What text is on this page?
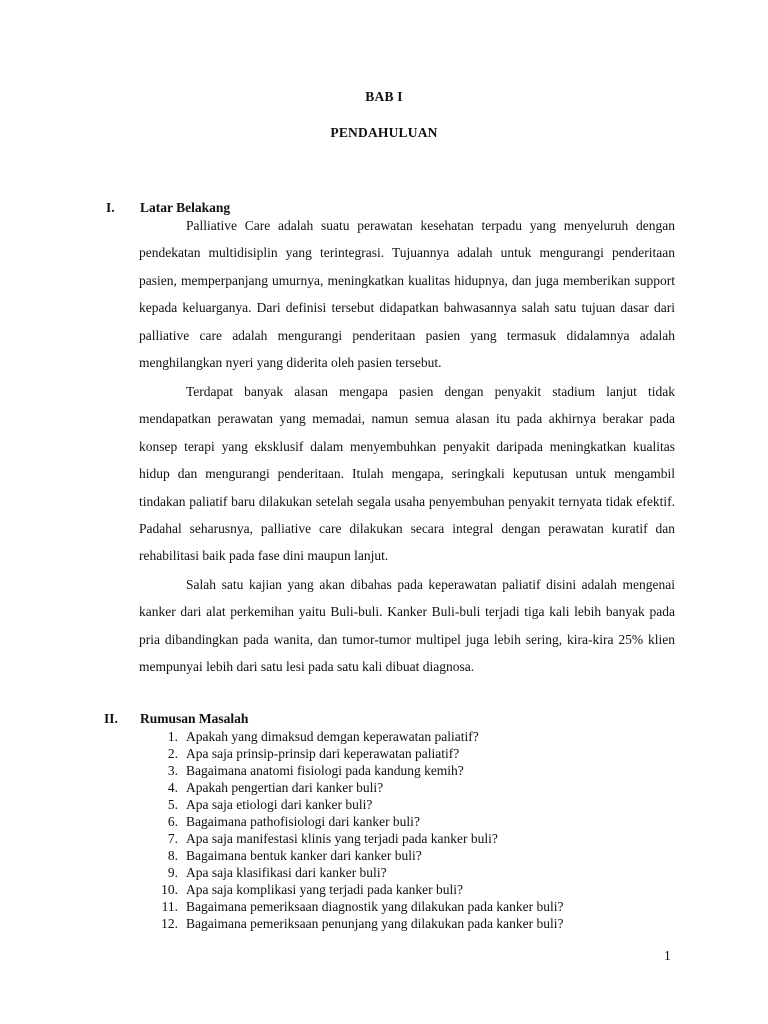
BAB I
PENDAHULUAN
I. Latar Belakang

Palliative Care adalah suatu perawatan kesehatan terpadu yang menyeluruh dengan pendekatan multidisiplin yang terintegrasi. Tujuannya adalah untuk mengurangi penderitaan pasien, memperpanjang umurnya, meningkatkan kualitas hidupnya, dan juga memberikan support kepada keluarganya. Dari definisi tersebut didapatkan bahwasannya salah satu tujuan dasar dari palliative care adalah mengurangi penderitaan pasien yang termasuk didalamnya adalah menghilangkan nyeri yang diderita oleh pasien tersebut.

Terdapat banyak alasan mengapa pasien dengan penyakit stadium lanjut tidak mendapatkan perawatan yang memadai, namun semua alasan itu pada akhirnya berakar pada konsep terapi yang eksklusif dalam menyembuhkan penyakit daripada meningkatkan kualitas hidup dan mengurangi penderitaan. Itulah mengapa, seringkali keputusan untuk mengambil tindakan paliatif baru dilakukan setelah segala usaha penyembuhan penyakit ternyata tidak efektif. Padahal seharusnya, palliative care dilakukan secara integral dengan perawatan kuratif dan rehabilitasi baik pada fase dini maupun lanjut.

Salah satu kajian yang akan dibahas pada keperawatan paliatif disini adalah mengenai kanker dari alat perkemihan yaitu Buli-buli. Kanker Buli-buli terjadi tiga kali lebih banyak pada pria dibandingkan pada wanita, dan tumor-tumor multipel juga lebih sering, kira-kira 25% klien mempunyai lebih dari satu lesi pada satu kali dibuat diagnosa.

II. Rumusan Masalah
1. Apakah yang dimaksud demgan keperawatan paliatif?
2. Apa saja prinsip-prinsip dari keperawatan paliatif?
3. Bagaimana anatomi fisiologi pada kandung kemih?
4. Apakah pengertian dari kanker buli?
5. Apa saja etiologi dari kanker buli?
6. Bagaimana pathofisiologi dari kanker buli?
7. Apa saja manifestasi klinis yang terjadi pada kanker buli?
8. Bagaimana bentuk kanker dari kanker buli?
9. Apa saja klasifikasi dari kanker buli?
10. Apa saja komplikasi yang terjadi pada kanker buli?
11. Bagaimana pemeriksaan diagnostik yang dilakukan pada kanker buli?
12. Bagaimana pemeriksaan penunjang yang dilakukan pada kanker buli?
1
